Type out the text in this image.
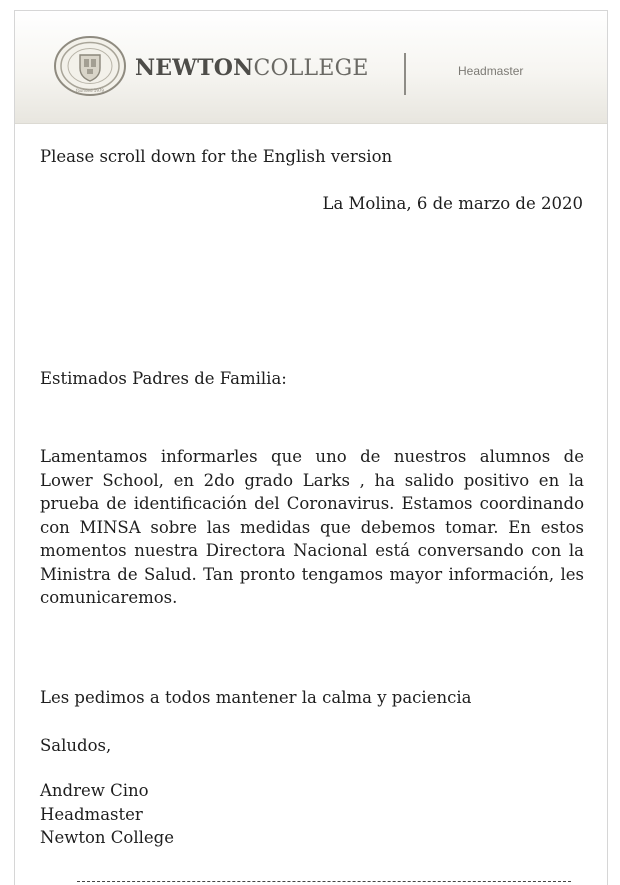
founded 1979
NEWTONCOLLEGE	Headmaster
Please scroll down for the English version
La Molina, 6 de marzo de 2020
Estimados Padres de Familia:
Lamentamos informarles que uno de nuestros alumnos de Lower School, en 2do grado Larks , ha salido positivo en la prueba de identificación del Coronavirus. Estamos coordinando con MINSA sobre las medidas que debemos tomar. En estos momentos nuestra Directora Nacional está conversando con la Ministra de Salud. Tan pronto tengamos mayor información, les comunicaremos.
Les pedimos a todos mantener la calma y paciencia
Saludos,
Andrew Cino
Headmaster
Newton College
